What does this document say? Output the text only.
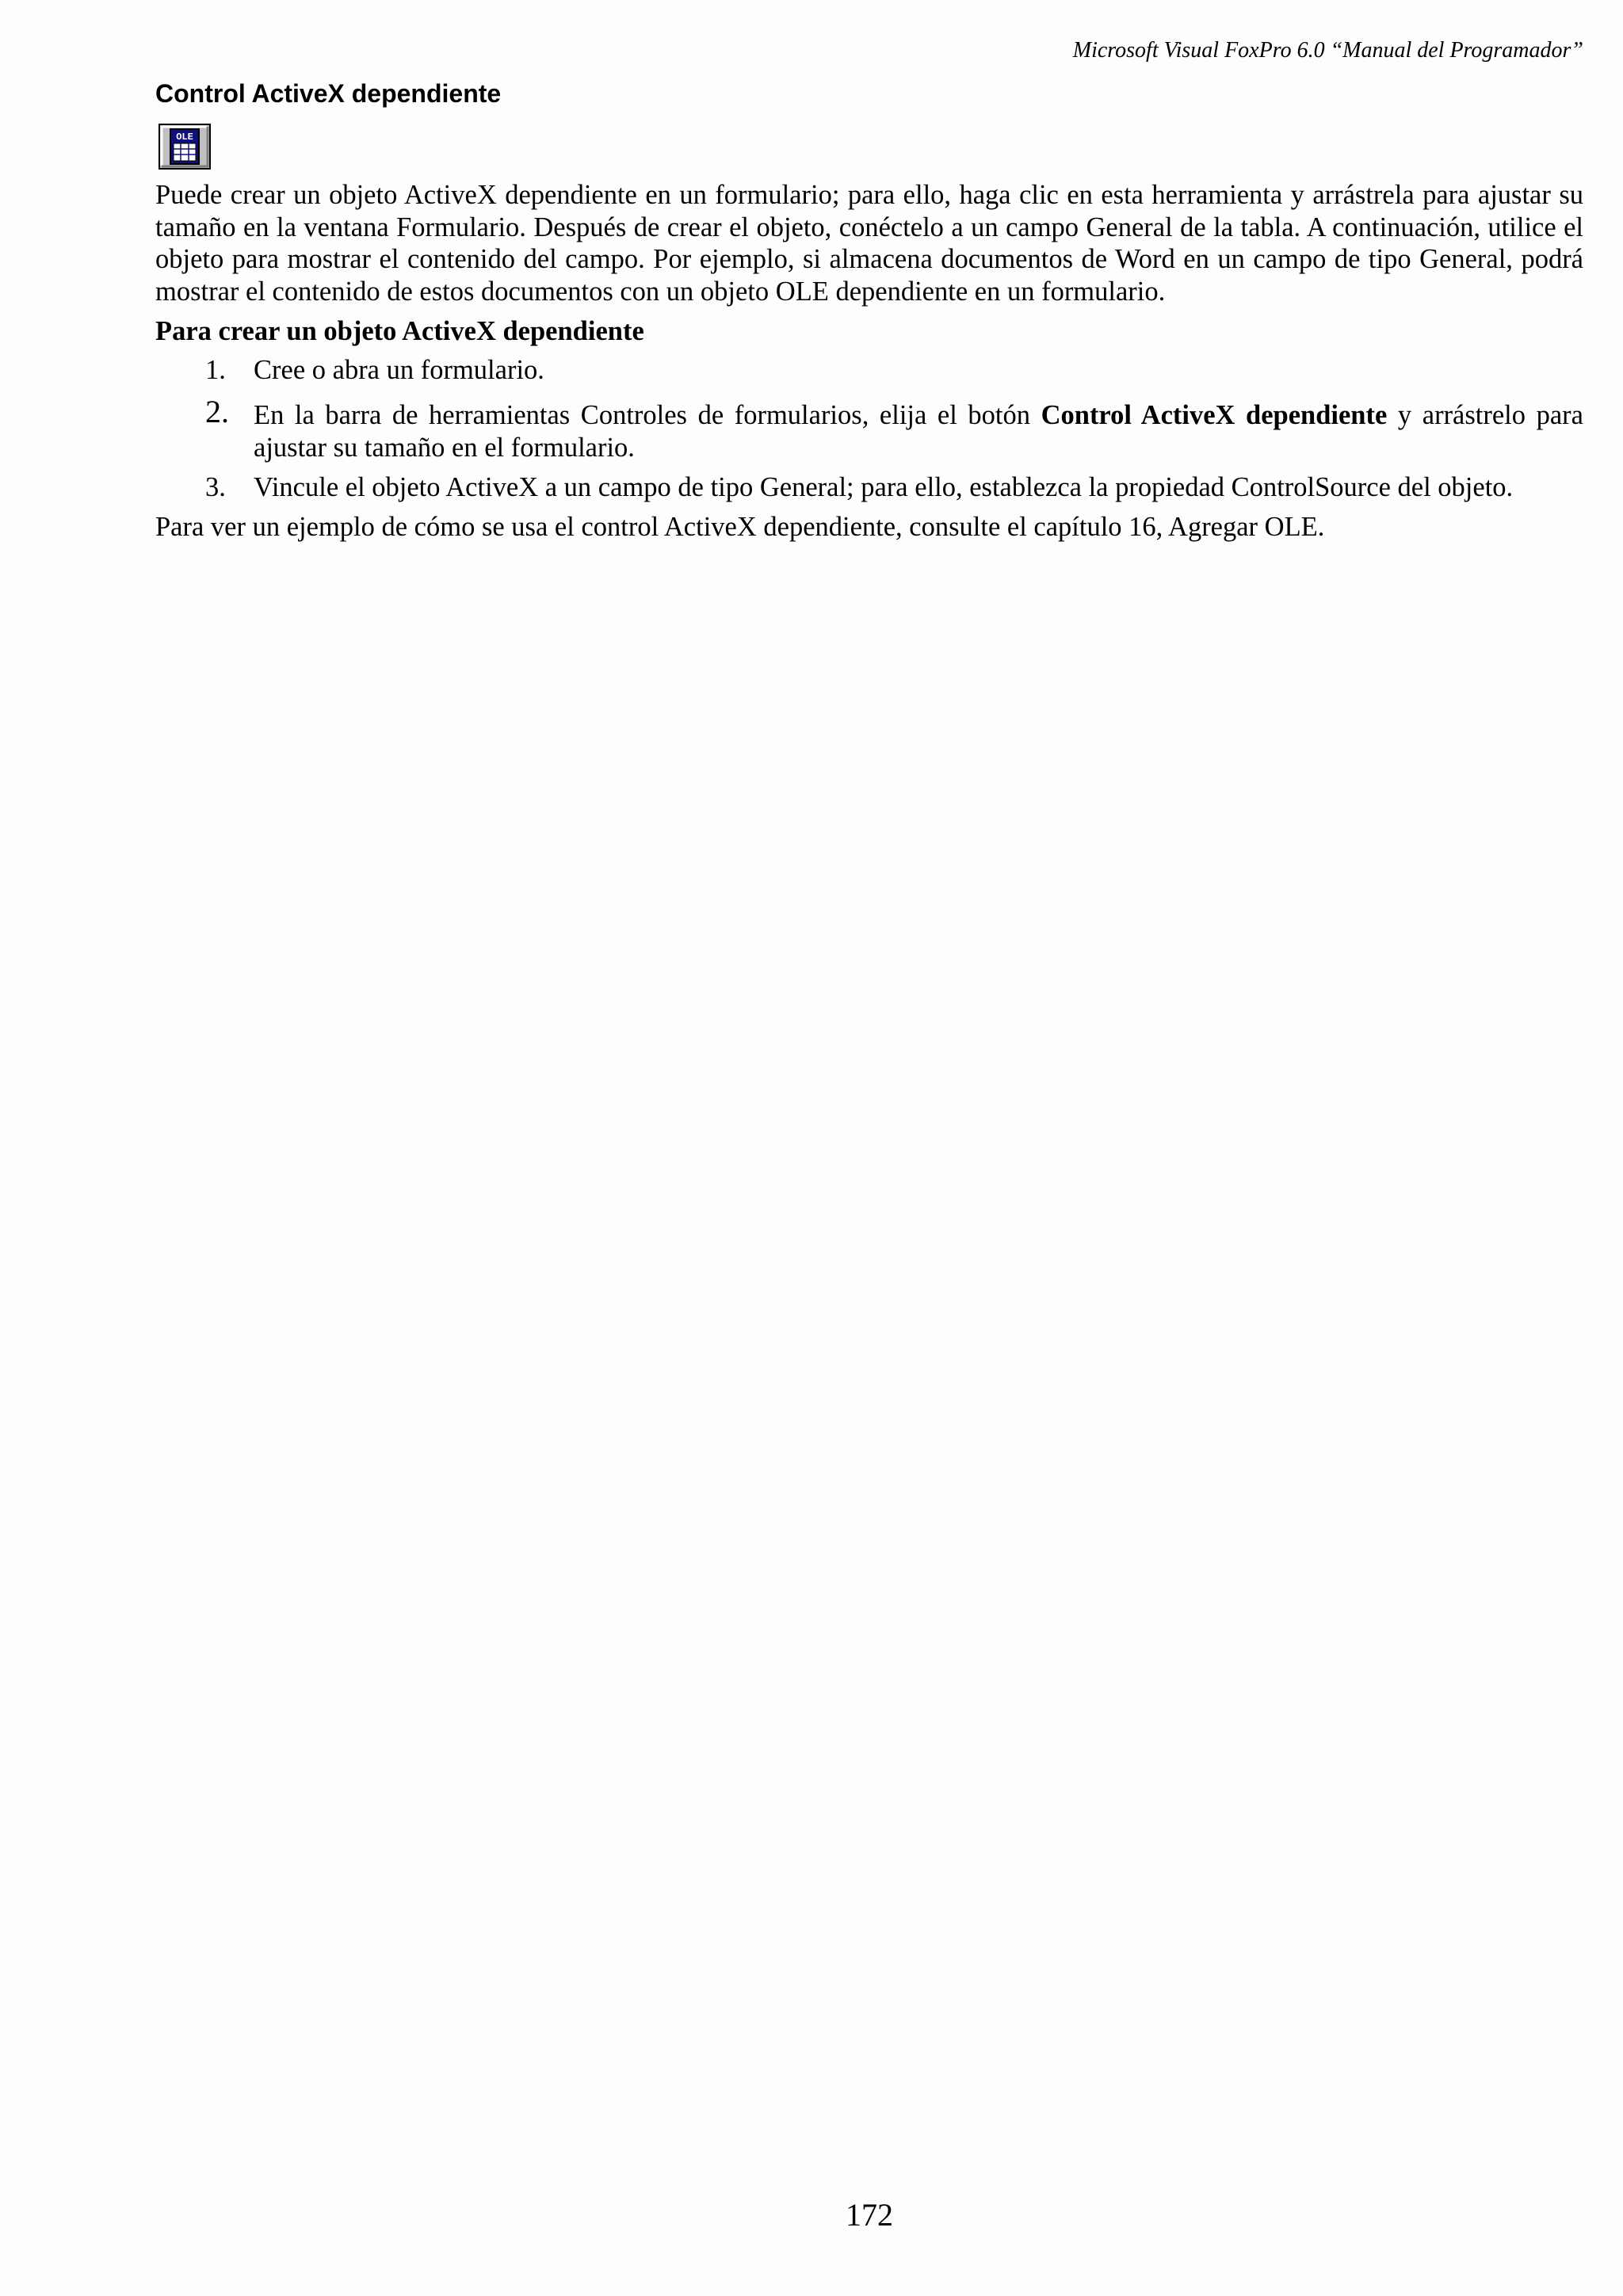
Microsoft Visual FoxPro 6.0 “Manual del Programador”
Control ActiveX dependiente
OLE

Puede crear un objeto ActiveX dependiente en un formulario; para ello, haga clic en esta herramienta y arrástrela para ajustar su tamaño en la ventana Formulario. Después de crear el objeto, conéctelo a un campo General de la tabla. A continuación, utilice el objeto para mostrar el contenido del campo. Por ejemplo, si almacena documentos de Word en un campo de tipo General, podrá mostrar el contenido de estos documentos con un objeto OLE dependiente en un formulario.

Para crear un objeto ActiveX dependiente
1. Cree o abra un formulario.
2. En la barra de herramientas Controles de formularios, elija el botón Control ActiveX dependiente y arrástrelo para ajustar su tamaño en el formulario.
3. Vincule el objeto ActiveX a un campo de tipo General; para ello, establezca la propiedad ControlSource del objeto.

Para ver un ejemplo de cómo se usa el control ActiveX dependiente, consulte el capítulo 16, Agregar OLE.

172
